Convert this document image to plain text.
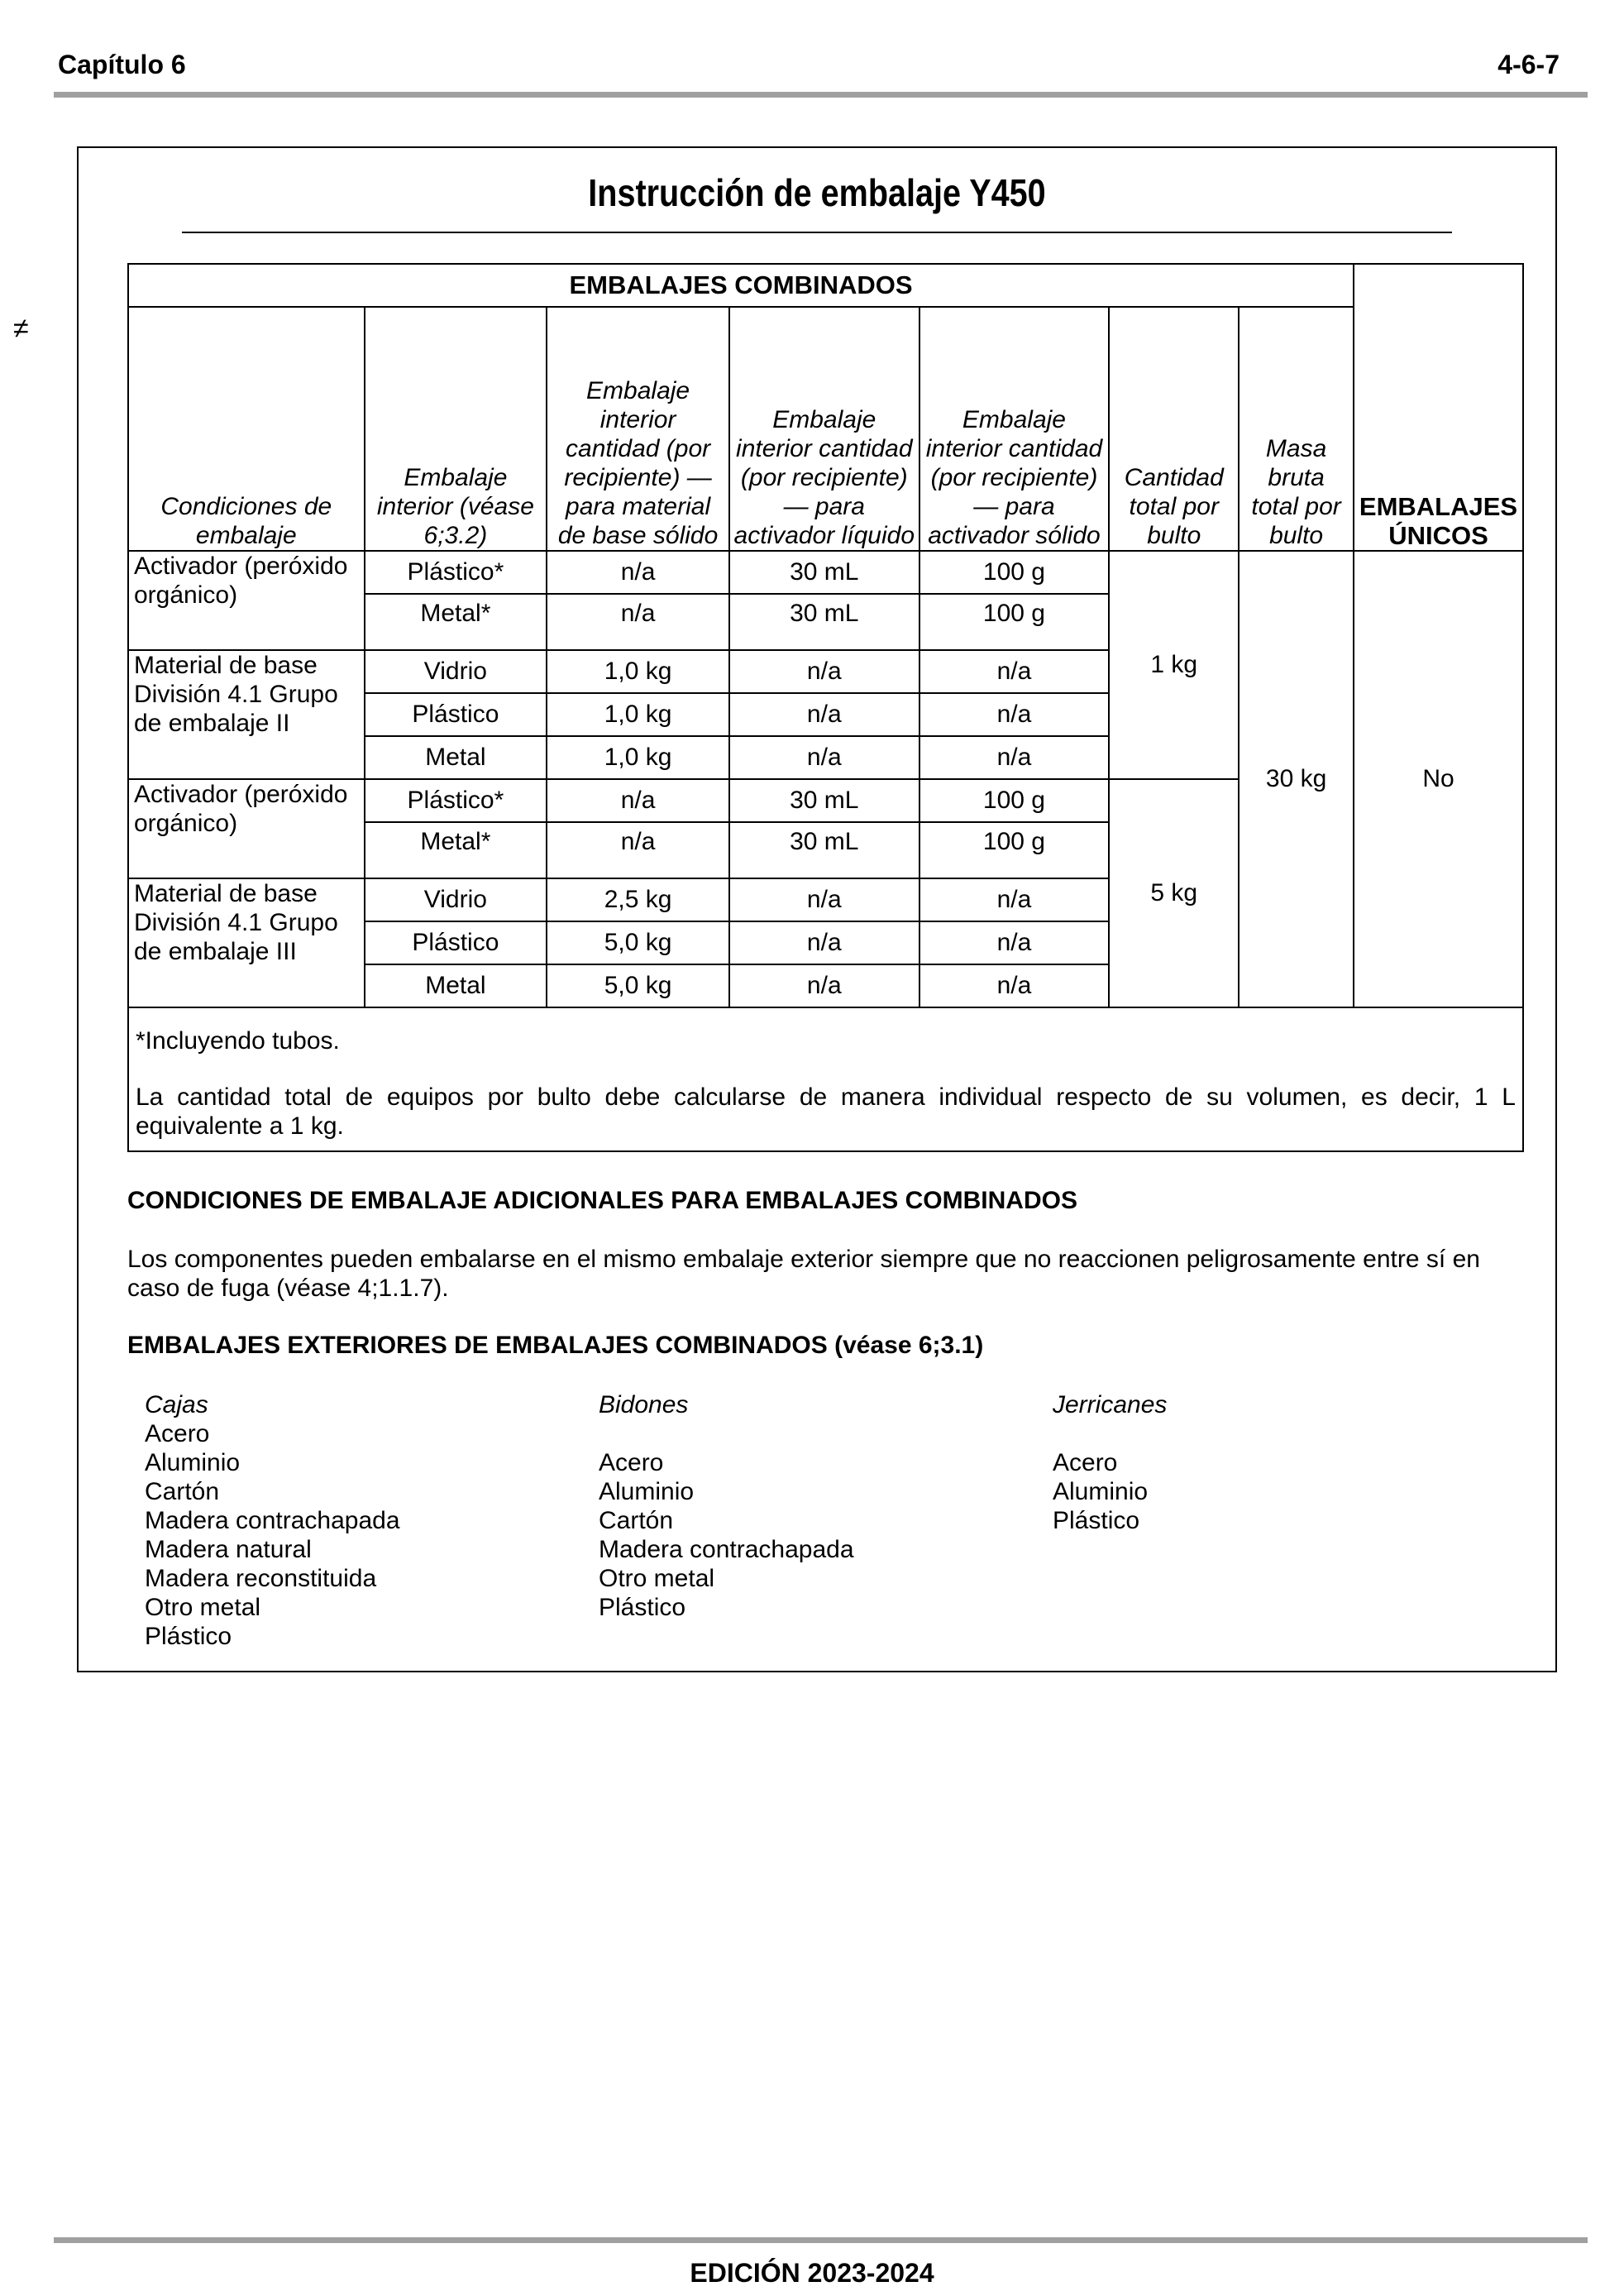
Capítulo 6	4-6-7
≠
Instrucción de embalaje Y450
EMBALAJES COMBINADOS							EMBALAJES ÚNICOS
Condiciones de embalaje	Embalaje interior (véase 6;3.2)	Embalaje interior cantidad (por recipiente) — para material de base sólido	Embalaje interior cantidad (por recipiente) — para activador líquido	Embalaje interior cantidad (por recipiente) — para activador sólido	Cantidad total por bulto	Masa bruta total por bulto	
Activador (peróxido orgánico)	Plástico*	n/a	30 mL	100 g	1 kg	30 kg	No
	Metal*	n/a	30 mL	100 g			
Material de base División 4.1 Grupo de embalaje II	Vidrio	1,0 kg	n/a	n/a			
	Plástico	1,0 kg	n/a	n/a			
	Metal	1,0 kg	n/a	n/a			
Activador (peróxido orgánico)	Plástico*	n/a	30 mL	100 g	5 kg		
	Metal*	n/a	30 mL	100 g			
Material de base División 4.1 Grupo de embalaje III	Vidrio	2,5 kg	n/a	n/a			
	Plástico	5,0 kg	n/a	n/a			
	Metal	5,0 kg	n/a	n/a			

*Incluyendo tubos.

La cantidad total de equipos por bulto debe calcularse de manera individual respecto de su volumen, es decir, 1 L equivalente a 1 kg.							

CONDICIONES DE EMBALAJE ADICIONALES PARA EMBALAJES COMBINADOS
Los componentes pueden embalarse en el mismo embalaje exterior siempre que no reaccionen peligrosamente entre sí en caso de fuga (véase 4;1.1.7).
EMBALAJES EXTERIORES DE EMBALAJES COMBINADOS (véase 6;3.1)
Cajas
Acero
Aluminio
Cartón
Madera contrachapada
Madera natural
Madera reconstituida
Otro metal
Plástico
Bidones

Acero
Aluminio
Cartón
Madera contrachapada
Otro metal
Plástico
Jerricanes

Acero
Aluminio
Plástico
EDICIÓN 2023-2024
